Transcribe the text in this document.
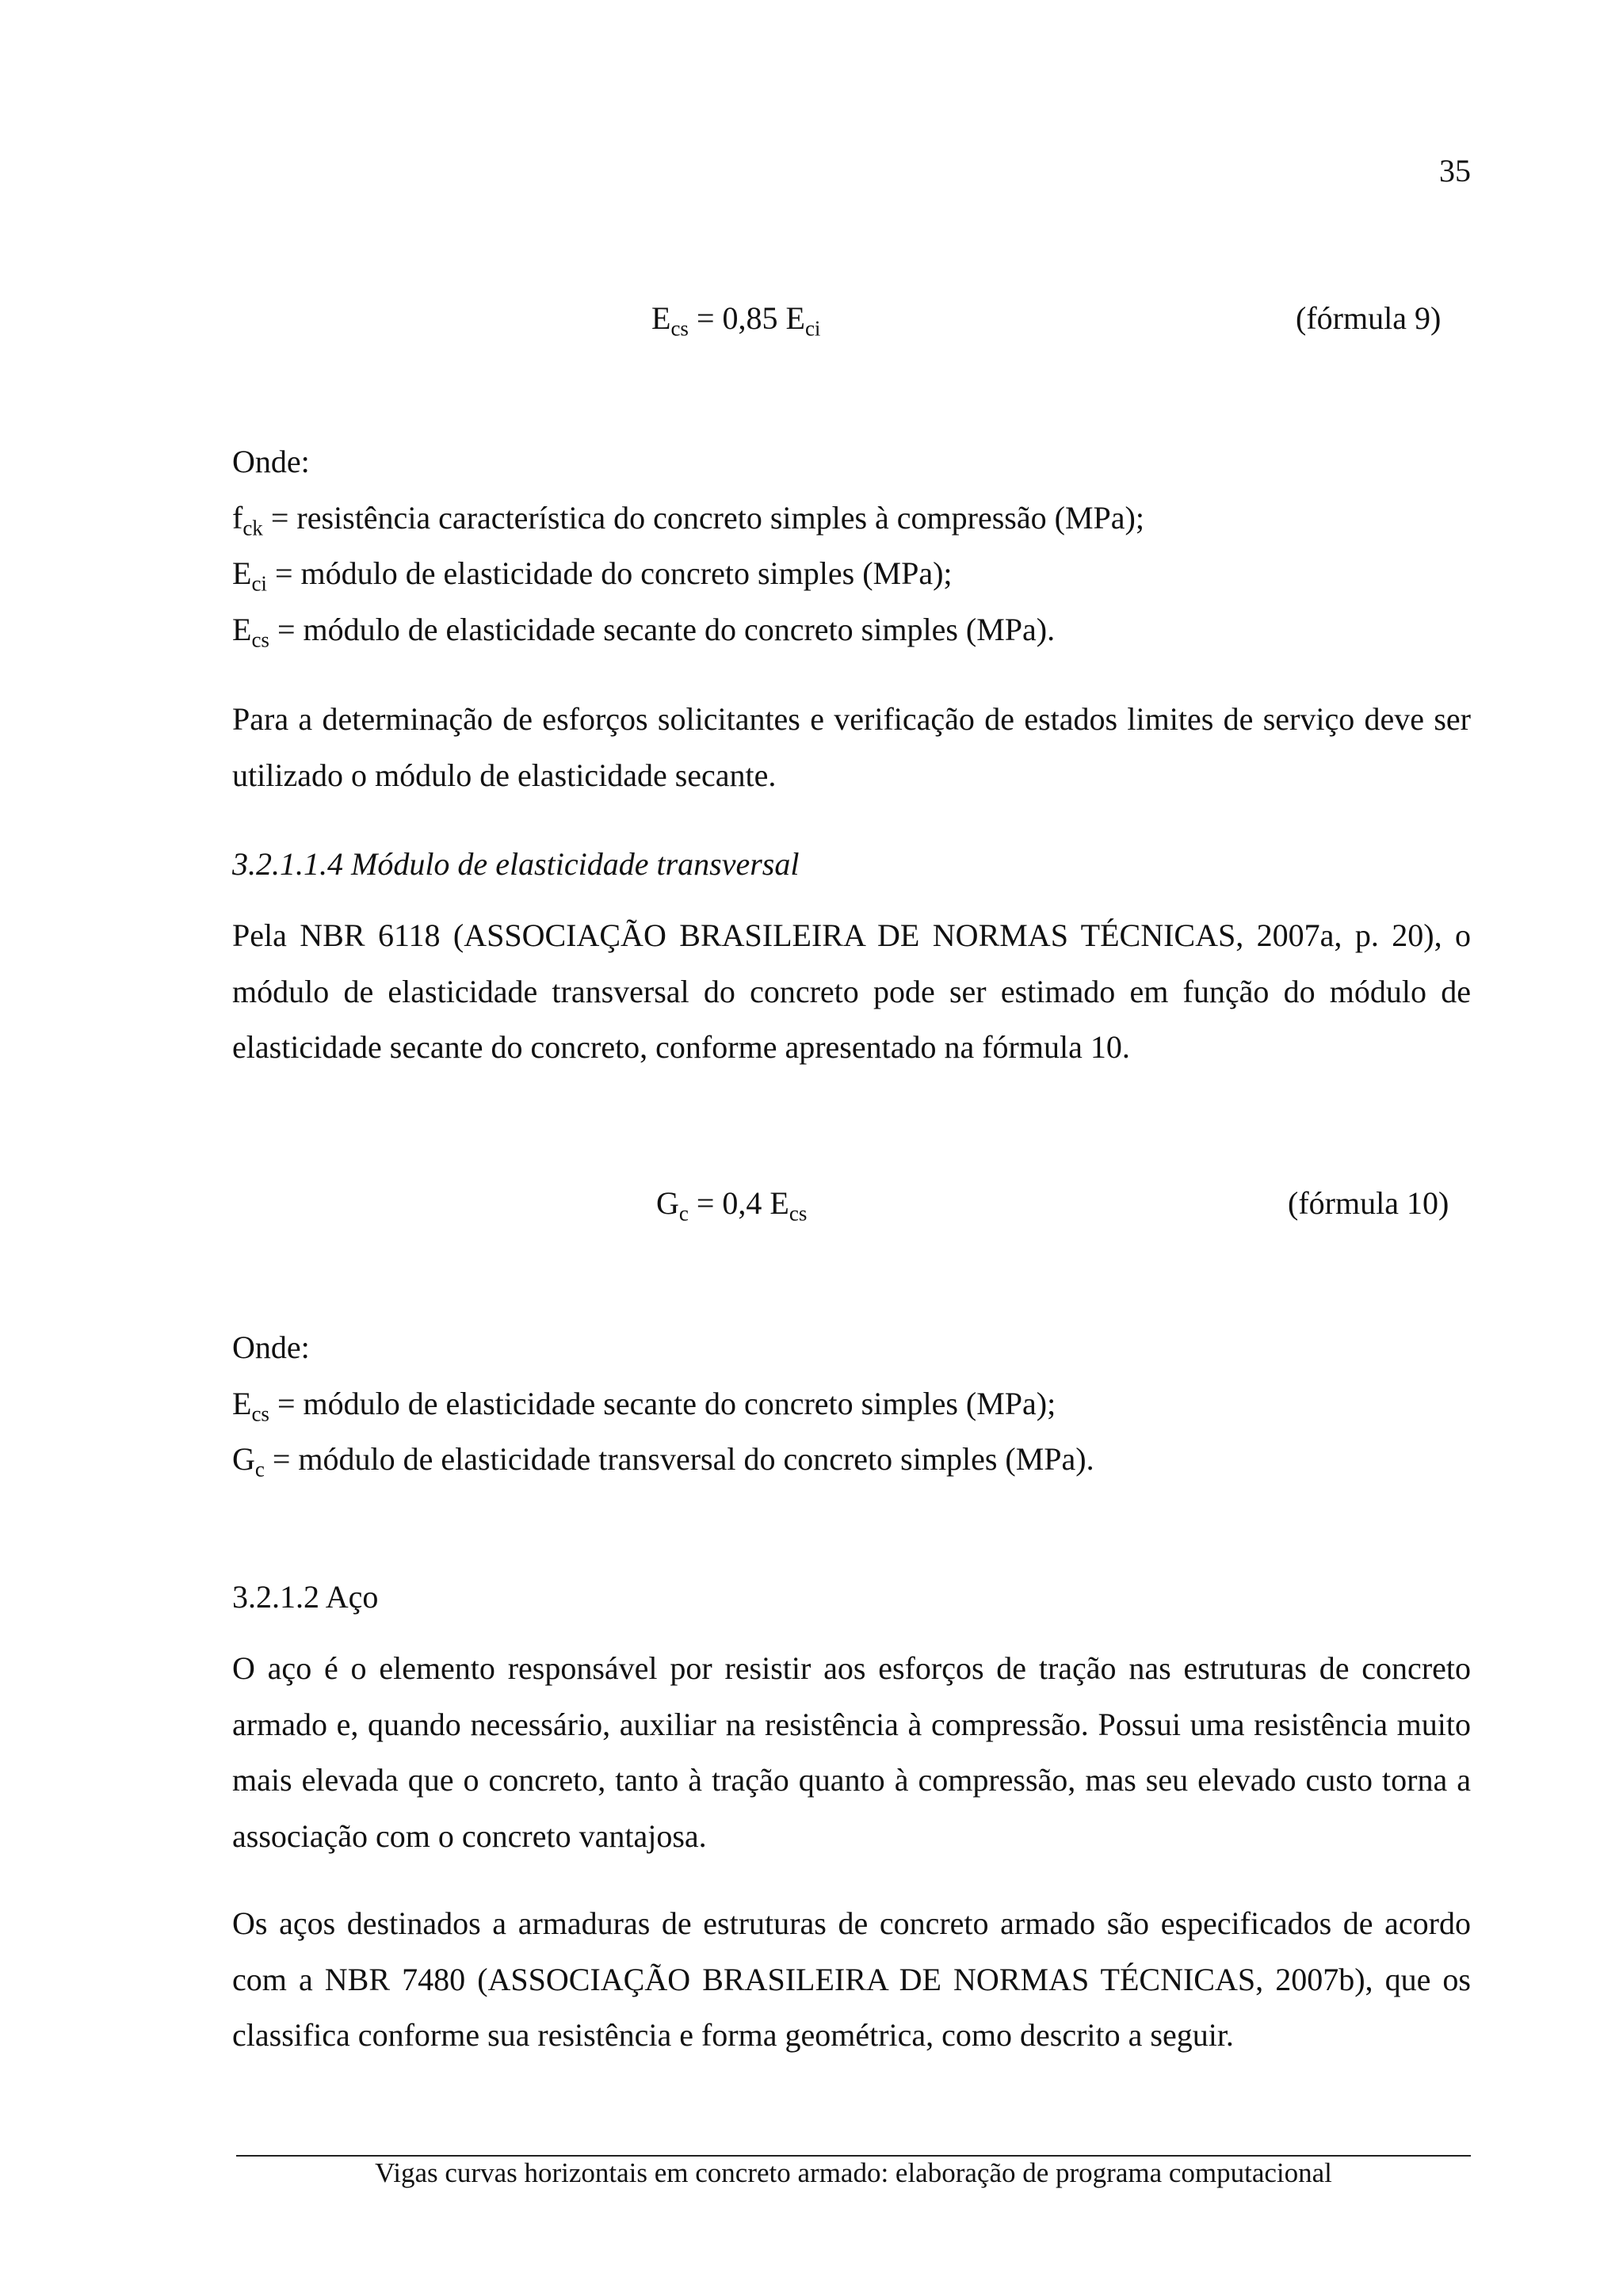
35
$E_{cs} = 0,85$ $E_{ci}$	(fórmula 9)

Onde:

$f_{ck}$ = resistência característica do concreto simples à compressão (MPa);

$E_{ci}$ = módulo de elasticidade do concreto simples (MPa);

$E_{cs}$ = módulo de elasticidade secante do concreto simples (MPa).

Para a determinação de esforços solicitantes e verificação de estados limites de serviço deve ser utilizado o módulo de elasticidade secante.
3.2.1.1.4 Módulo de elasticidade transversal
Pela NBR 6118 (ASSOCIAÇÃO BRASILEIRA DE NORMAS TÉCNICAS, 2007a, p. 20), o módulo de elasticidade transversal do concreto pode ser estimado em função do módulo de elasticidade secante do concreto, conforme apresentado na fórmula 10.
$G_c = 0,4$ $E_{cs}$	(fórmula 10)

Onde:

$E_{cs}$ = módulo de elasticidade secante do concreto simples (MPa);

$G_c$ = módulo de elasticidade transversal do concreto simples (MPa).

3.2.1.2 Aço
O aço é o elemento responsável por resistir aos esforços de tração nas estruturas de concreto armado e, quando necessário, auxiliar na resistência à compressão. Possui uma resistência muito mais elevada que o concreto, tanto à tração quanto à compressão, mas seu elevado custo torna a associação com o concreto vantajosa.
Os aços destinados a armaduras de estruturas de concreto armado são especificados de acordo com a NBR 7480 (ASSOCIAÇÃO BRASILEIRA DE NORMAS TÉCNICAS, 2007b), que os classifica conforme sua resistência e forma geométrica, como descrito a seguir.
Vigas curvas horizontais em concreto armado: elaboração de programa computacional
